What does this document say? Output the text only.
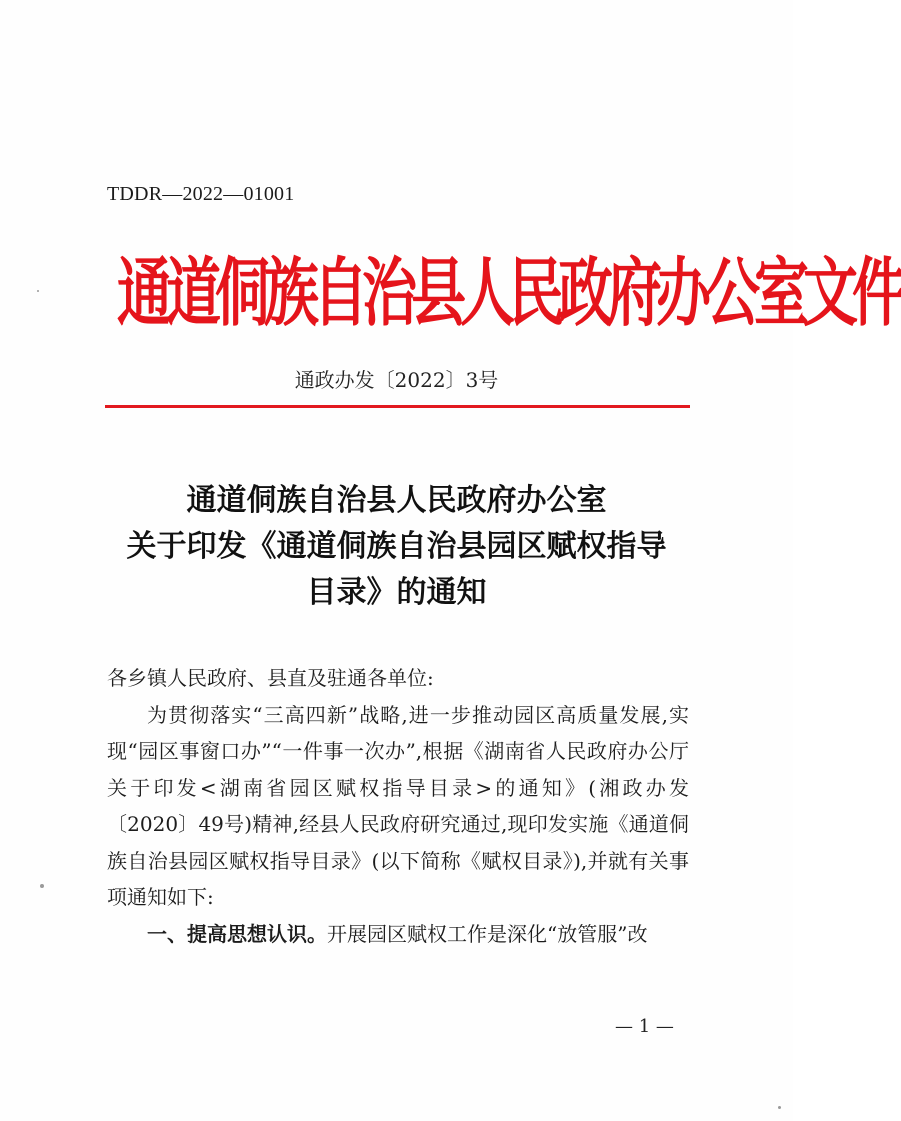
TDDR—2022—01001
通道侗族自治县人民政府办公室文件
通政办发〔2022〕3号
通道侗族自治县人民政府办公室
关于印发《通道侗族自治县园区赋权指导
目录》的通知

各乡镇人民政府、县直及驻通各单位:

为贯彻落实“三高四新”战略,进一步推动园区高质量发展,实现“园区事窗口办”“一件事一次办”,根据《湖南省人民政府办公厅关于印发<湖南省园区赋权指导目录>的通知》(湘政办发〔2020〕49号)精神,经县人民政府研究通过,现印发实施《通道侗族自治县园区赋权指导目录》(以下简称《赋权目录》),并就有关事项通知如下:

一、提高思想认识。开展园区赋权工作是深化“放管服”改

— 1 —
